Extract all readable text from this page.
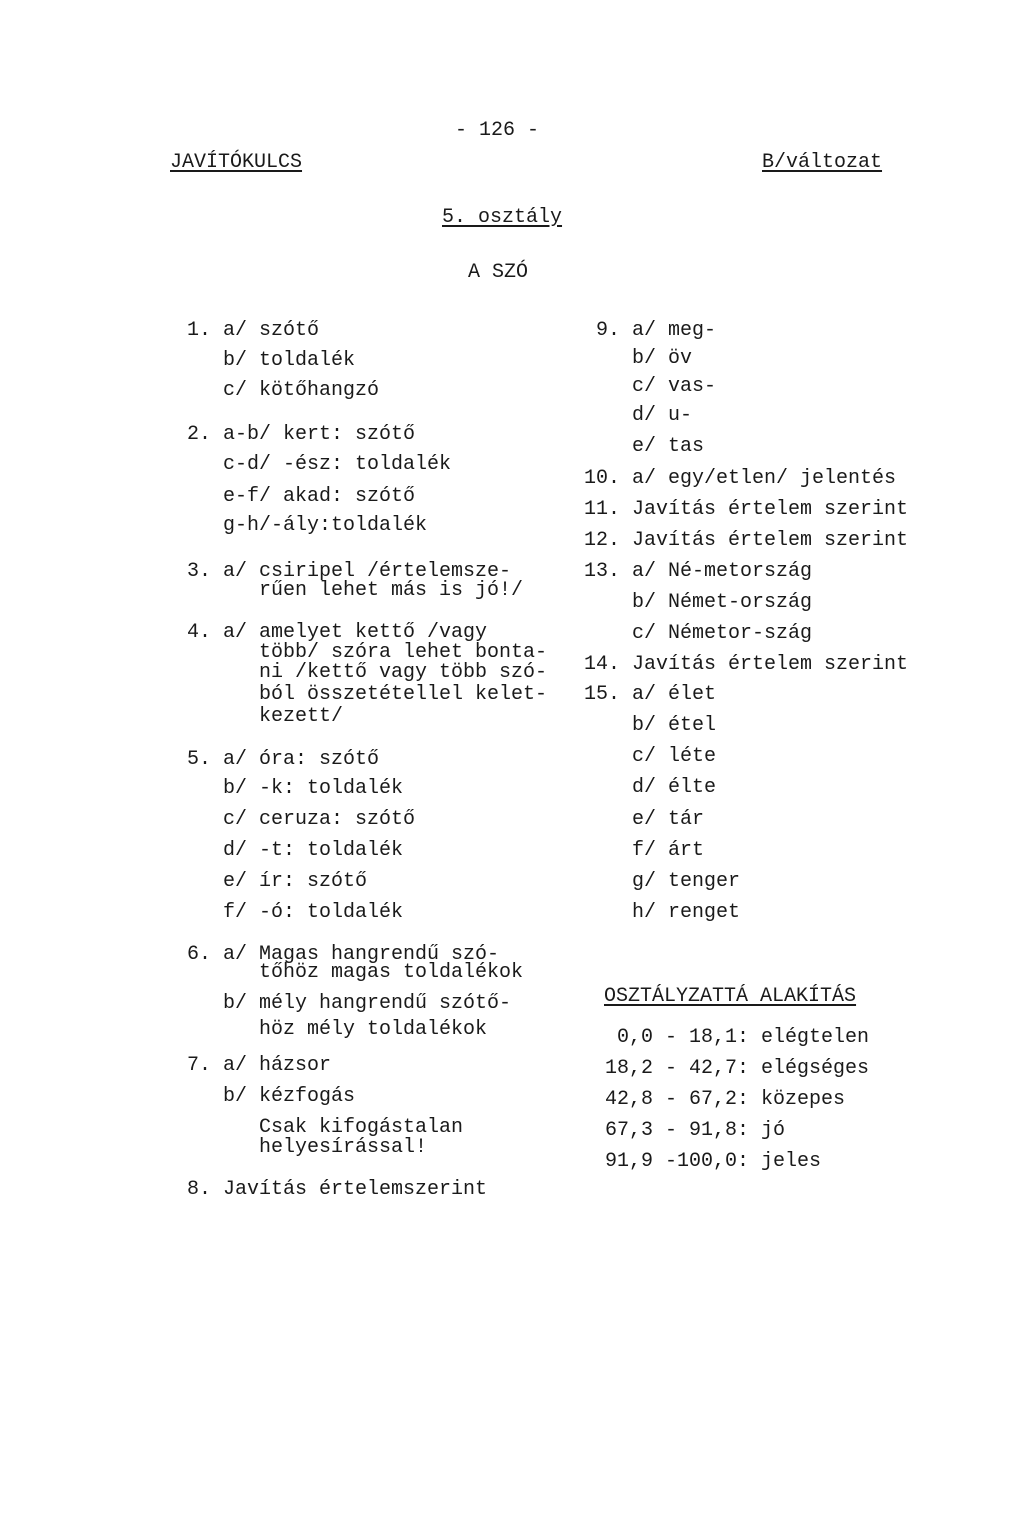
- 126 -
JAVÍTÓKULCS	B/változat
5. osztály
A SZÓ
1. a/ szótő
b/ toldalék
c/ kötőhangzó
2. a-b/ kert: szótő
c-d/ -ész: toldalék
e-f/ akad: szótő
g-h/-ály:toldalék
3. a/ csiripel /értelemsze-
rűen lehet más is jó!/
4. a/ amelyet kettő /vagy
több/ szóra lehet bonta-
ni /kettő vagy több szó-
ból összetétellel kelet-
kezett/
5. a/ óra: szótő
b/ -k: toldalék
c/ ceruza: szótő
d/ -t: toldalék
e/ ír: szótő
f/ -ó: toldalék
6. a/ Magas hangrendű szó-
tőhöz magas toldalékok
b/ mély hangrendű szótő-
höz mély toldalékok
7. a/ házsor
b/ kézfogás
Csak kifogástalan
helyesírással!
8. Javítás értelemszerint
9. a/ meg-
b/ öv
c/ vas-
d/ u-
e/ tas
10. a/ egy/etlen/ jelentés
11. Javítás értelem szerint
12. Javítás értelem szerint
13. a/ Né-metország
b/ Német-ország
c/ Németor-szág
14. Javítás értelem szerint
15. a/ élet
b/ étel
c/ léte
d/ élte
e/ tár
f/ árt
g/ tenger
h/ renget
OSZTÁLYZATTÁ ALAKÍTÁS
0,0 - 18,1: elégtelen
18,2 - 42,7: elégséges
42,8 - 67,2: közepes
67,3 - 91,8: jó
91,9 -100,0: jeles
